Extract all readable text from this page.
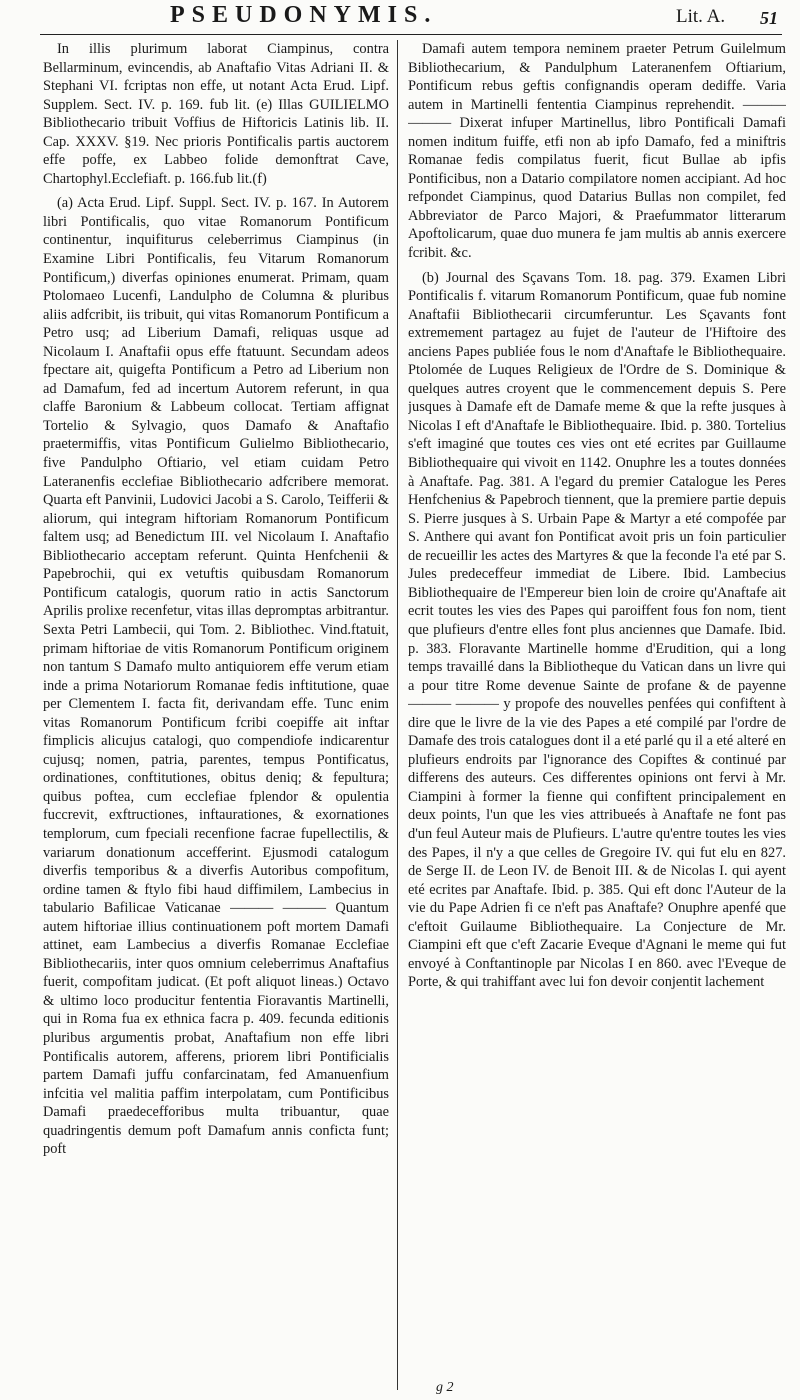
PSEUDONYMIS.	Lit. A. 51

In illis plurimum laborat Ciampinus, contra Bellarminum, evincendis, ab Anaftafio Vitas Adriani II. & Stephani VI. fcriptas non effe, ut notant Acta Erud. Lipf. Supplem. Sect. IV. p. 169. fub lit. (e) Illas GUILIELMO Bibliothecario tribuit Voffius de Hiftoricis Latinis lib. II. Cap. XXXV. §19. Nec prioris Pontificalis partis auctorem effe poffe, ex Labbeo folide demonftrat Cave, Chartophyl.Ecclefiaft. p. 166.fub lit.(f)

(a) Acta Erud. Lipf. Suppl. Sect. IV. p. 167. In Autorem libri Pontificalis, quo vitae Romanorum Pontificum continentur, inquifiturus celeberrimus Ciampinus (in Examine Libri Pontificalis, feu Vitarum Romanorum Pontificum,) diverfas opiniones enumerat. Primam, quam Ptolomaeo Lucenfi, Landulpho de Columna & pluribus aliis adfcribit, iis tribuit, qui vitas Romanorum Pontificum a Petro usq; ad Liberium Damafi, reliquas usque ad Nicolaum I. Anaftafii opus effe ftatuunt. Secundam adeos fpectare ait, quigefta Pontificum a Petro ad Liberium non ad Damafum, fed ad incertum Autorem referunt, in qua claffe Baronium & Labbeum collocat. Tertiam affignat Tortelio & Sylvagio, quos Damafo & Anaftafio praetermiffis, vitas Pontificum Gulielmo Bibliothecario, five Pandulpho Oftiario, vel etiam cuidam Petro Lateranenfis ecclefiae Bibliothecario adfcribere memorat. Quarta eft Panvinii, Ludovici Jacobi a S. Carolo, Teifferii & aliorum, qui integram hiftoriam Romanorum Pontificum faltem usq; ad Benedictum III. vel Nicolaum I. Anaftafio Bibliothecario acceptam referunt. Quinta Henfchenii & Papebrochii, qui ex vetuftis quibusdam Romanorum Pontificum catalogis, quorum ratio in actis Sanctorum Aprilis prolixe recenfetur, vitas illas depromptas arbitrantur. Sexta Petri Lambecii, qui Tom. 2. Bibliothec. Vind.ftatuit, primam hiftoriae de vitis Romanorum Pontificum originem non tantum S Damafo multo antiquiorem effe verum etiam inde a prima Notariorum Romanae fedis inftitutione, quae per Clementem I. facta fit, derivandam effe. Tunc enim vitas Romanorum Pontificum fcribi coepiffe ait inftar fimplicis alicujus catalogi, quo compendiofe indicarentur cujusq; nomen, patria, parentes, tempus Pontificatus, ordinationes, conftitutiones, obitus deniq; & fepultura; quibus poftea, cum ecclefiae fplendor & opulentia fuccrevit, exftructiones, inftaurationes, & exornationes templorum, cum fpeciali recenfione facrae fupellectilis, & variarum donationum accefferint. Ejusmodi catalogum diverfis temporibus & a diverfis Autoribus compofitum, ordine tamen & ftylo fibi haud diffimilem, Lambecius in tabulario Bafilicae Vaticanae ——— ——— Quantum autem hiftoriae illius continuationem poft mortem Damafi attinet, eam Lambecius a diverfis Romanae Ecclefiae Bibliothecariis, inter quos omnium celeberrimus Anaftafius fuerit, compofitam judicat. (Et poft aliquot lineas.) Octavo & ultimo loco producitur fententia Fioravantis Martinelli, qui in Roma fua ex ethnica facra p. 409. fecunda editionis pluribus argumentis probat, Anaftafium non effe libri Pontificalis autorem, afferens, priorem libri Pontificialis partem Damafi juffu confarcinatam, fed Amanuenfium infcitia vel malitia paffim interpolatam, cum Pontificibus Damafi praedecefforibus multa tribuantur, quae quadringentis demum poft Damafum annis conficta funt; poft

Damafi autem tempora neminem praeter Petrum Guilelmum Bibliothecarium, & Pandulphum Lateranenfem Oftiarium, Pontificum rebus geftis confignandis operam dediffe. Varia autem in Martinelli fententia Ciampinus reprehendit. ——— ——— Dixerat infuper Martinellus, libro Pontificali Damafi nomen inditum fuiffe, etfi non ab ipfo Damafo, fed a miniftris Romanae fedis compilatus fuerit, ficut Bullae ab ipfis Pontificibus, non a Datario compilatore nomen accipiant. Ad hoc refpondet Ciampinus, quod Datarius Bullas non compilet, fed Abbreviator de Parco Majori, & Praefummator litterarum Apoftolicarum, quae duo munera fe jam multis ab annis exercere fcribit. &c.

(b) Journal des Sçavans Tom. 18. pag. 379. Examen Libri Pontificalis f. vitarum Romanorum Pontificum, quae fub nomine Anaftafii Bibliothecarii circumferuntur. Les Sçavants font extremement partagez au fujet de l'auteur de l'Hiftoire des anciens Papes publiée fous le nom d'Anaftafe le Bibliothequaire. Ptolomée de Luques Religieux de l'Ordre de S. Dominique & quelques autres croyent que le commencement depuis S. Pere jusques à Damafe eft de Damafe meme & que la refte jusques à Nicolas I eft d'Anaftafe le Bibliothequaire. Ibid. p. 380. Tortelius s'eft imaginé que toutes ces vies ont eté ecrites par Guillaume Bibliothequaire qui vivoit en 1142. Onuphre les a toutes données à Anaftafe. Pag. 381. A l'egard du premier Catalogue les Peres Henfchenius & Papebroch tiennent, que la premiere partie depuis S. Pierre jusques à S. Urbain Pape & Martyr a eté compofée par S. Anthere qui avant fon Pontificat avoit pris un foin particulier de recueillir les actes des Martyres & que la feconde l'a eté par S. Jules predeceffeur immediat de Libere. Ibid. Lambecius Bibliothequaire de l'Empereur bien loin de croire qu'Anaftafe ait ecrit toutes les vies des Papes qui paroiffent fous fon nom, tient que plufieurs d'entre elles font plus anciennes que Damafe. Ibid. p. 383. Floravante Martinelle homme d'Erudition, qui a long temps travaillé dans la Bibliotheque du Vatican dans un livre qui a pour titre Rome devenue Sainte de profane & de payenne ——— ——— y propofe des nouvelles penfées qui confiftent à dire que le livre de la vie des Papes a eté compilé par l'ordre de Damafe des trois catalogues dont il a eté parlé qu il a eté alteré en plufieurs endroits par l'ignorance des Copiftes & continué par differens des auteurs. Ces differentes opinions ont fervi à Mr. Ciampini à former la fienne qui confiftent principalement en deux points, l'un que les vies attribueés à Anaftafe ne font pas d'un feul Auteur mais de Plufieurs. L'autre qu'entre toutes les vies des Papes, il n'y a que celles de Gregoire IV. qui fut elu en 827. de Serge II. de Leon IV. de Benoit III. & de Nicolas I. qui ayent eté ecrites par Anaftafe. Ibid. p. 385. Qui eft donc l'Auteur de la vie du Pape Adrien fi ce n'eft pas Anaftafe? Onuphre apenfé que c'eftoit Guilaume Bibliothequaire. La Conjecture de Mr. Ciampini eft que c'eft Zacarie Eveque d'Agnani le meme qui fut envoyé à Conftantinople par Nicolas I en 860. avec l'Eveque de Porte, & qui trahiffant avec lui fon devoir conjentit lachement

g 2
